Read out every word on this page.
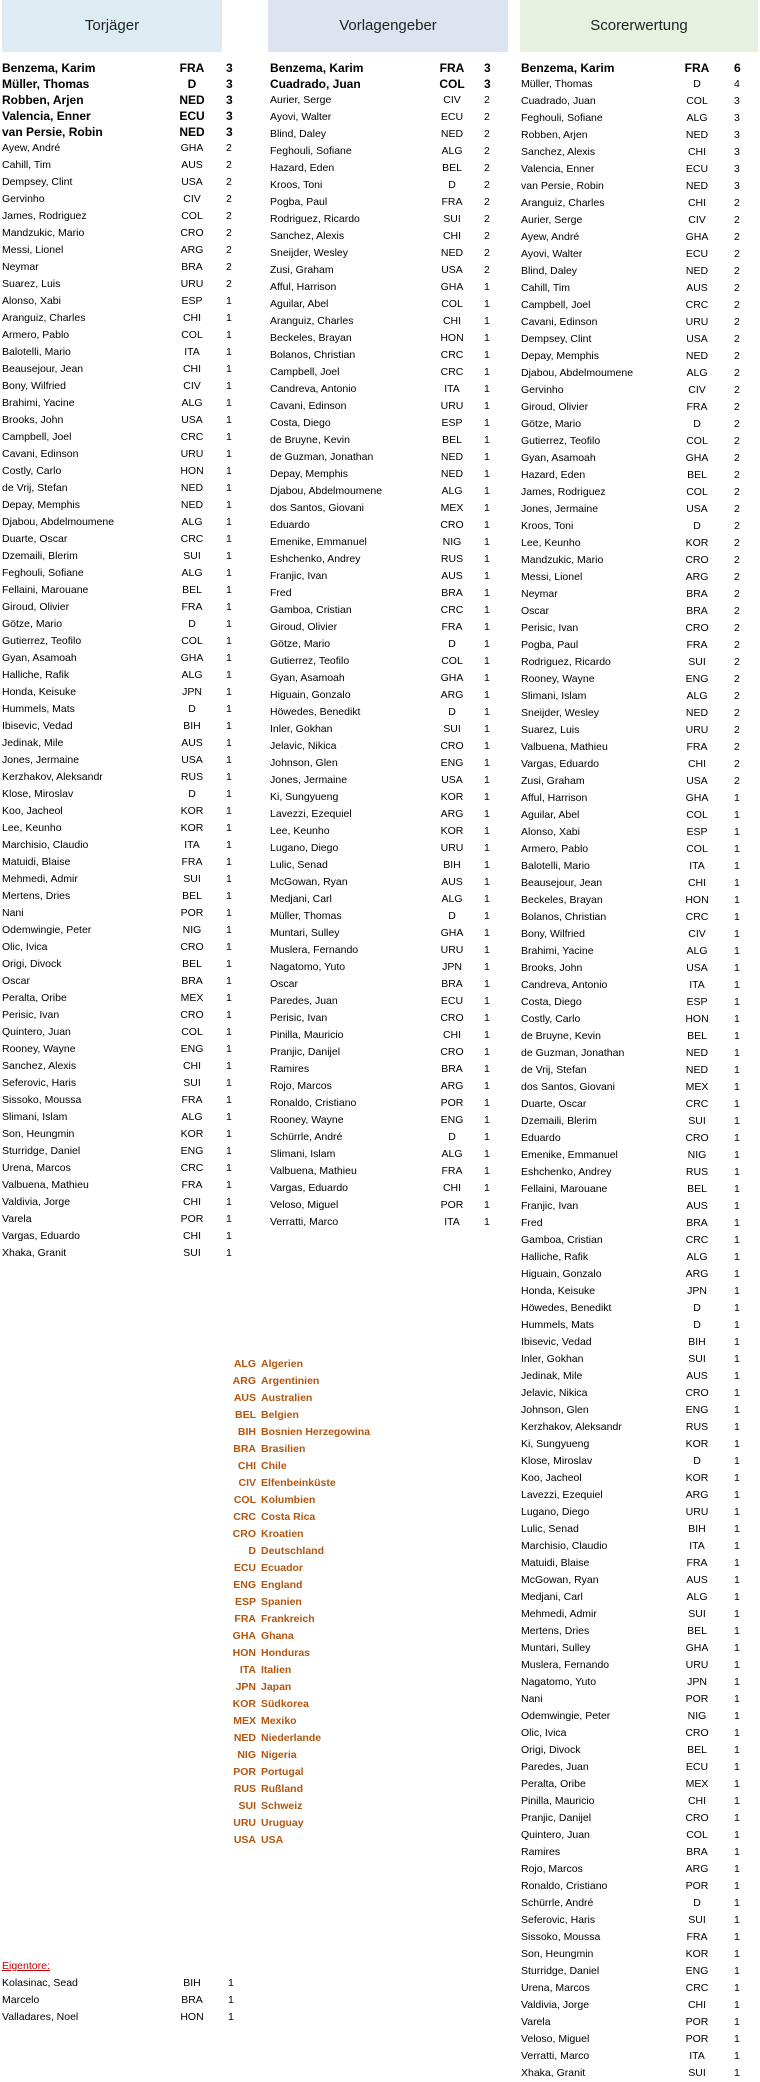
Torjäger	Vorlagengeber	Scorerwertung
Benzema, Karim	FRA	3
Müller, Thomas	D	3
Robben, Arjen	NED	3
Valencia, Enner	ECU	3
van Persie, Robin	NED	3
Ayew, André	GHA	2
Cahill, Tim	AUS	2
Dempsey, Clint	USA	2
Gervinho	CIV	2
James, Rodriguez	COL	2
Mandzukic, Mario	CRO	2
Messi, Lionel	ARG	2
Neymar	BRA	2
Suarez, Luis	URU	2
Alonso, Xabi	ESP	1
Aranguiz, Charles	CHI	1
Armero, Pablo	COL	1
Balotelli, Mario	ITA	1
Beausejour, Jean	CHI	1
Bony, Wilfried	CIV	1
Brahimi, Yacine	ALG	1
Brooks, John	USA	1
Campbell, Joel	CRC	1
Cavani, Edinson	URU	1
Costly, Carlo	HON	1
de Vrij, Stefan	NED	1
Depay, Memphis	NED	1
Djabou, Abdelmoumene	ALG	1
Duarte, Oscar	CRC	1
Dzemaili, Blerim	SUI	1
Feghouli, Sofiane	ALG	1
Fellaini, Marouane	BEL	1
Giroud, Olivier	FRA	1
Götze, Mario	D	1
Gutierrez, Teofilo	COL	1
Gyan, Asamoah	GHA	1
Halliche, Rafik	ALG	1
Honda, Keisuke	JPN	1
Hummels, Mats	D	1
Ibisevic, Vedad	BIH	1
Jedinak, Mile	AUS	1
Jones, Jermaine	USA	1
Kerzhakov, Aleksandr	RUS	1
Klose, Miroslav	D	1
Koo, Jacheol	KOR	1
Lee, Keunho	KOR	1
Marchisio, Claudio	ITA	1
Matuidi, Blaise	FRA	1
Mehmedi, Admir	SUI	1
Mertens, Dries	BEL	1
Nani	POR	1
Odemwingie, Peter	NIG	1
Olic, Ivica	CRO	1
Origi, Divock	BEL	1
Oscar	BRA	1
Peralta, Oribe	MEX	1
Perisic, Ivan	CRO	1
Quintero, Juan	COL	1
Rooney, Wayne	ENG	1
Sanchez, Alexis	CHI	1
Seferovic, Haris	SUI	1
Sissoko, Moussa	FRA	1
Slimani, Islam	ALG	1
Son, Heungmin	KOR	1
Sturridge, Daniel	ENG	1
Urena, Marcos	CRC	1
Valbuena, Mathieu	FRA	1
Valdivia, Jorge	CHI	1
Varela	POR	1
Vargas, Eduardo	CHI	1
Xhaka, Granit	SUI	1
Benzema, Karim	FRA	3
Cuadrado, Juan	COL	3
Aurier, Serge	CIV	2
Ayovi, Walter	ECU	2
Blind, Daley	NED	2
Feghouli, Sofiane	ALG	2
Hazard, Eden	BEL	2
Kroos, Toni	D	2
Pogba, Paul	FRA	2
Rodriguez, Ricardo	SUI	2
Sanchez, Alexis	CHI	2
Sneijder, Wesley	NED	2
Zusi, Graham	USA	2
Afful, Harrison	GHA	1
Aguilar, Abel	COL	1
Aranguiz, Charles	CHI	1
Beckeles, Brayan	HON	1
Bolanos, Christian	CRC	1
Campbell, Joel	CRC	1
Candreva, Antonio	ITA	1
Cavani, Edinson	URU	1
Costa, Diego	ESP	1
de Bruyne, Kevin	BEL	1
de Guzman, Jonathan	NED	1
Depay, Memphis	NED	1
Djabou, Abdelmoumene	ALG	1
dos Santos, Giovani	MEX	1
Eduardo	CRO	1
Emenike, Emmanuel	NIG	1
Eshchenko, Andrey	RUS	1
Franjic, Ivan	AUS	1
Fred	BRA	1
Gamboa, Cristian	CRC	1
Giroud, Olivier	FRA	1
Götze, Mario	D	1
Gutierrez, Teofilo	COL	1
Gyan, Asamoah	GHA	1
Higuain, Gonzalo	ARG	1
Höwedes, Benedikt	D	1
Inler, Gokhan	SUI	1
Jelavic, Nikica	CRO	1
Johnson, Glen	ENG	1
Jones, Jermaine	USA	1
Ki, Sungyueng	KOR	1
Lavezzi, Ezequiel	ARG	1
Lee, Keunho	KOR	1
Lugano, Diego	URU	1
Lulic, Senad	BIH	1
McGowan, Ryan	AUS	1
Medjani, Carl	ALG	1
Müller, Thomas	D	1
Muntari, Sulley	GHA	1
Muslera, Fernando	URU	1
Nagatomo, Yuto	JPN	1
Oscar	BRA	1
Paredes, Juan	ECU	1
Perisic, Ivan	CRO	1
Pinilla, Mauricio	CHI	1
Pranjic, Danijel	CRO	1
Ramires	BRA	1
Rojo, Marcos	ARG	1
Ronaldo, Cristiano	POR	1
Rooney, Wayne	ENG	1
Schürrle, André	D	1
Slimani, Islam	ALG	1
Valbuena, Mathieu	FRA	1
Vargas, Eduardo	CHI	1
Veloso, Miguel	POR	1
Verratti, Marco	ITA	1
Benzema, Karim	FRA	6
Müller, Thomas	D	4
Cuadrado, Juan	COL	3
Feghouli, Sofiane	ALG	3
Robben, Arjen	NED	3
Sanchez, Alexis	CHI	3
Valencia, Enner	ECU	3
van Persie, Robin	NED	3
Aranguiz, Charles	CHI	2
Aurier, Serge	CIV	2
Ayew, André	GHA	2
Ayovi, Walter	ECU	2
Blind, Daley	NED	2
Cahill, Tim	AUS	2
Campbell, Joel	CRC	2
Cavani, Edinson	URU	2
Dempsey, Clint	USA	2
Depay, Memphis	NED	2
Djabou, Abdelmoumene	ALG	2
Gervinho	CIV	2
Giroud, Olivier	FRA	2
Götze, Mario	D	2
Gutierrez, Teofilo	COL	2
Gyan, Asamoah	GHA	2
Hazard, Eden	BEL	2
James, Rodriguez	COL	2
Jones, Jermaine	USA	2
Kroos, Toni	D	2
Lee, Keunho	KOR	2
Mandzukic, Mario	CRO	2
Messi, Lionel	ARG	2
Neymar	BRA	2
Oscar	BRA	2
Perisic, Ivan	CRO	2
Pogba, Paul	FRA	2
Rodriguez, Ricardo	SUI	2
Rooney, Wayne	ENG	2
Slimani, Islam	ALG	2
Sneijder, Wesley	NED	2
Suarez, Luis	URU	2
Valbuena, Mathieu	FRA	2
Vargas, Eduardo	CHI	2
Zusi, Graham	USA	2
Afful, Harrison	GHA	1
Aguilar, Abel	COL	1
Alonso, Xabi	ESP	1
Armero, Pablo	COL	1
Balotelli, Mario	ITA	1
Beausejour, Jean	CHI	1
Beckeles, Brayan	HON	1
Bolanos, Christian	CRC	1
Bony, Wilfried	CIV	1
Brahimi, Yacine	ALG	1
Brooks, John	USA	1
Candreva, Antonio	ITA	1
Costa, Diego	ESP	1
Costly, Carlo	HON	1
de Bruyne, Kevin	BEL	1
de Guzman, Jonathan	NED	1
de Vrij, Stefan	NED	1
dos Santos, Giovani	MEX	1
Duarte, Oscar	CRC	1
Dzemaili, Blerim	SUI	1
Eduardo	CRO	1
Emenike, Emmanuel	NIG	1
Eshchenko, Andrey	RUS	1
Fellaini, Marouane	BEL	1
Franjic, Ivan	AUS	1
Fred	BRA	1
Gamboa, Cristian	CRC	1
Halliche, Rafik	ALG	1
Higuain, Gonzalo	ARG	1
Honda, Keisuke	JPN	1
Höwedes, Benedikt	D	1
Hummels, Mats	D	1
Ibisevic, Vedad	BIH	1
Inler, Gokhan	SUI	1
Jedinak, Mile	AUS	1
Jelavic, Nikica	CRO	1
Johnson, Glen	ENG	1
Kerzhakov, Aleksandr	RUS	1
Ki, Sungyueng	KOR	1
Klose, Miroslav	D	1
Koo, Jacheol	KOR	1
Lavezzi, Ezequiel	ARG	1
Lugano, Diego	URU	1
Lulic, Senad	BIH	1
Marchisio, Claudio	ITA	1
Matuidi, Blaise	FRA	1
McGowan, Ryan	AUS	1
Medjani, Carl	ALG	1
Mehmedi, Admir	SUI	1
Mertens, Dries	BEL	1
Muntari, Sulley	GHA	1
Muslera, Fernando	URU	1
Nagatomo, Yuto	JPN	1
Nani	POR	1
Odemwingie, Peter	NIG	1
Olic, Ivica	CRO	1
Origi, Divock	BEL	1
Paredes, Juan	ECU	1
Peralta, Oribe	MEX	1
Pinilla, Mauricio	CHI	1
Pranjic, Danijel	CRO	1
Quintero, Juan	COL	1
Ramires	BRA	1
Rojo, Marcos	ARG	1
Ronaldo, Cristiano	POR	1
Schürrle, André	D	1
Seferovic, Haris	SUI	1
Sissoko, Moussa	FRA	1
Son, Heungmin	KOR	1
Sturridge, Daniel	ENG	1
Urena, Marcos	CRC	1
Valdivia, Jorge	CHI	1
Varela	POR	1
Veloso, Miguel	POR	1
Verratti, Marco	ITA	1
Xhaka, Granit	SUI	1
ALG Algerien
ARG Argentinien
AUS Australien
BEL Belgien
BIH Bosnien Herzegowina
BRA Brasilien
CHI Chile
CIV Elfenbeinküste
COL Kolumbien
CRC Costa Rica
CRO Kroatien
D Deutschland
ECU Ecuador
ENG England
ESP Spanien
FRA Frankreich
GHA Ghana
HON Honduras
ITA Italien
JPN Japan
KOR Südkorea
MEX Mexiko
NED Niederlande
NIG Nigeria
POR Portugal
RUS Rußland
SUI Schweiz
URU Uruguay
USA USA
Eigentore:
Kolasinac, Sead	BIH	1
Marcelo	BRA	1
Valladares, Noel	HON	1
